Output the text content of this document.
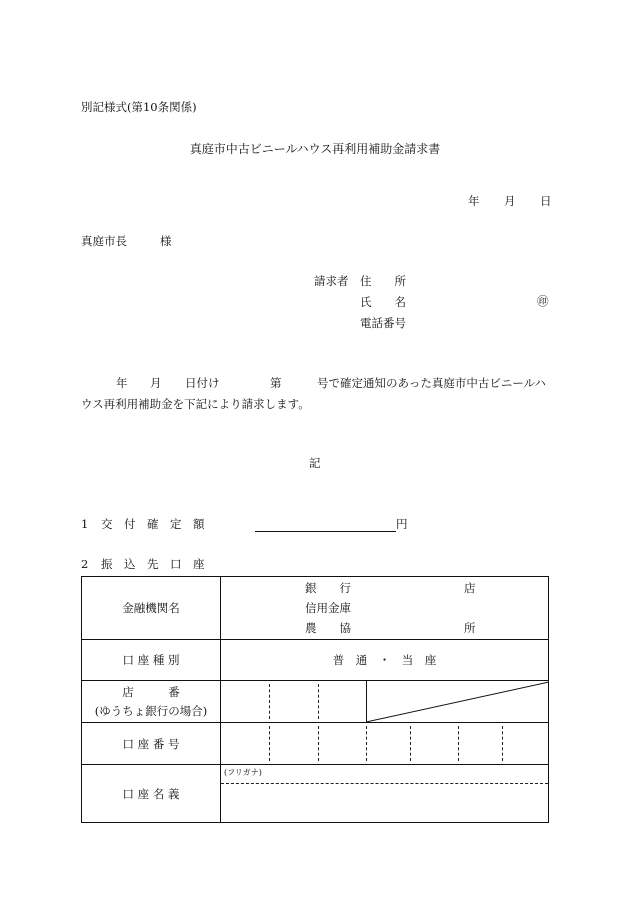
別記様式(第10条関係)
真庭市中古ビニールハウス再利用補助金請求書
年 月 日
真庭市長	様
請求者 住　　所
氏　　名	㊞
電話番号
年 月 日付け	第	号で確定通知のあった真庭市中古ビニールハ
ウス再利用補助金を下記により請求します。
記
1 交　付　確　定　額	円
2 振　込　先　口　座
金融機関名	銀　　行 店
信用金庫
農　　協 所

口 座 種 別	普　通　・　当　座

店　　　番
(ゆうちょ銀行の場合)

口 座 番 号	

口 座 名 義	(フリガナ)
